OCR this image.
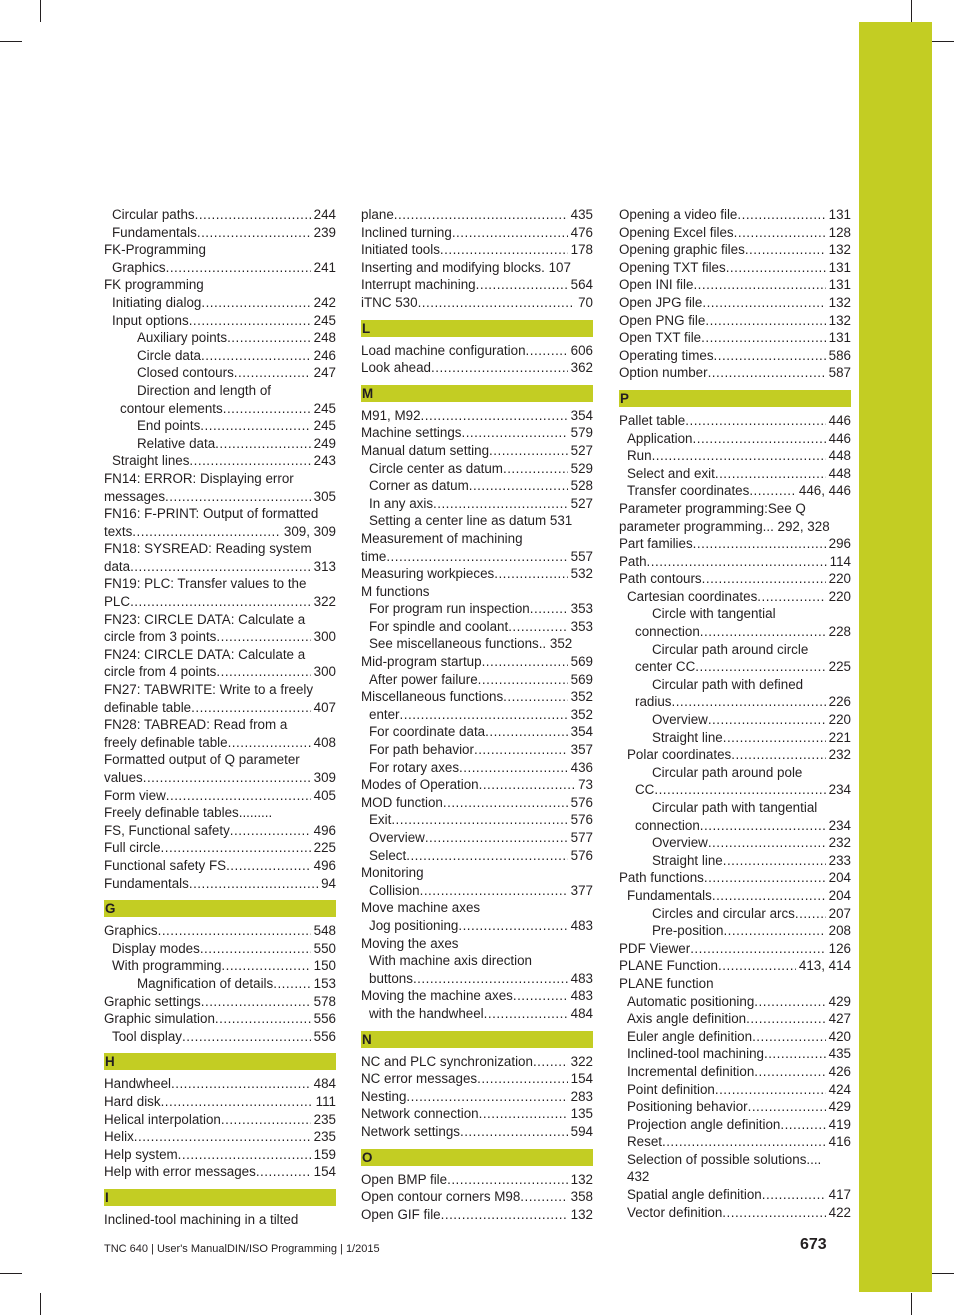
Circular paths .....	244
Fundamentals .....	239
FK-Programming
Graphics .....	241
FK programming
Initiating dialog .....	242
Input options .....	245
Auxiliary points .....	248
Circle data .....	246
Closed contours .....	247
Direction and length of
contour elements .....	245
End points .....	245
Relative data .....	249
Straight lines .....	243
FN14: ERROR: Displaying error
messages .....	305
FN16: F-PRINT: Output of formatted
texts .....	309, 309
FN18: SYSREAD: Reading system
data .....	313
FN19: PLC: Transfer values to the
PLC .....	322
FN23: CIRCLE DATA: Calculate a
circle from 3 points .....	300
FN24: CIRCLE DATA: Calculate a
circle from 4 points .....	300
FN27: TABWRITE: Write to a freely
definable table .....	407
FN28: TABREAD: Read from a
freely definable table .....	408
Formatted output of Q parameter
values .....	309
Form view .....	405
Freely definable tables.........
FS, Functional safety .....	496
Full circle .....	225
Functional safety FS .....	496
Fundamentals .....	94
G
Graphics .....	548
Display modes .....	550
With programming .....	150
Magnification of details .....	153
Graphic settings .....	578
Graphic simulation .....	556
Tool display .....	556
H
Handwheel .....	484
Hard disk .....	111
Helical interpolation .....	235
Helix .....	235
Help system .....	159
Help with error messages .....	154
I
Inclined-tool machining in a tilted
plane .....	435
Inclined turning .....	476
Initiated tools .....	178
Inserting and modifying blocks. 107
Interrupt machining .....	564
iTNC 530 .....	70
L
Load machine configuration .....	606
Look ahead .....	362
M
M91, M92 .....	354
Machine settings .....	579
Manual datum setting .....	527
Circle center as datum .....	529
Corner as datum .....	528
In any axis .....	527
Setting a center line as datum 531
Measurement of machining
time .....	557
Measuring workpieces .....	532
M functions
For program run inspection .....	353
For spindle and coolant .....	353
See miscellaneous functions.. 352
Mid-program startup .....	569
After power failure .....	569
Miscellaneous functions .....	352
enter .....	352
For coordinate data .....	354
For path behavior .....	357
For rotary axes .....	436
Modes of Operation .....	73
MOD function .....	576
Exit .....	576
Overview .....	577
Select .....	576
Monitoring
Collision .....	377
Move machine axes
Jog positioning .....	483
Moving the axes
With machine axis direction
buttons .....	483
Moving the machine axes .....	483
with the handwheel .....	484
N
NC and PLC synchronization .....	322
NC error messages .....	154
Nesting .....	283
Network connection .....	135
Network settings .....	594
O
Open BMP file .....	132
Open contour corners M98 .....	358
Open GIF file .....	132
Opening a video file .....	131
Opening Excel files .....	128
Opening graphic files .....	132
Opening TXT files .....	131
Open INI file .....	131
Open JPG file .....	132
Open PNG file .....	132
Open TXT file .....	131
Operating times .....	586
Option number .....	587
P
Pallet table .....	446
Application .....	446
Run .....	448
Select and exit .....	448
Transfer coordinates .....	446, 446
Parameter programming:See Q
parameter programming... 292, 328
Part families .....	296
Path .....	114
Path contours .....	220
Cartesian coordinates .....	220
Circle with tangential
connection .....	228
Circular path around circle
center CC .....	225
Circular path with defined
radius .....	226
Overview .....	220
Straight line .....	221
Polar coordinates .....	232
Circular path around pole
CC .....	234
Circular path with tangential
connection .....	234
Overview .....	232
Straight line .....	233
Path functions .....	204
Fundamentals .....	204
Circles and circular arcs .....	207
Pre-position .....	208
PDF Viewer .....	126
PLANE Function .....	413, 414
PLANE function
Automatic positioning .....	429
Axis angle definition .....	427
Euler angle definition .....	420
Inclined-tool machining .....	435
Incremental definition .....	426
Point definition .....	424
Positioning behavior .....	429
Projection angle definition .....	419
Reset .....	416
Selection of possible solutions....
432
Spatial angle definition .....	417
Vector definition .....	422
TNC 640 | User's ManualDIN/ISO Programming | 1/2015	673
